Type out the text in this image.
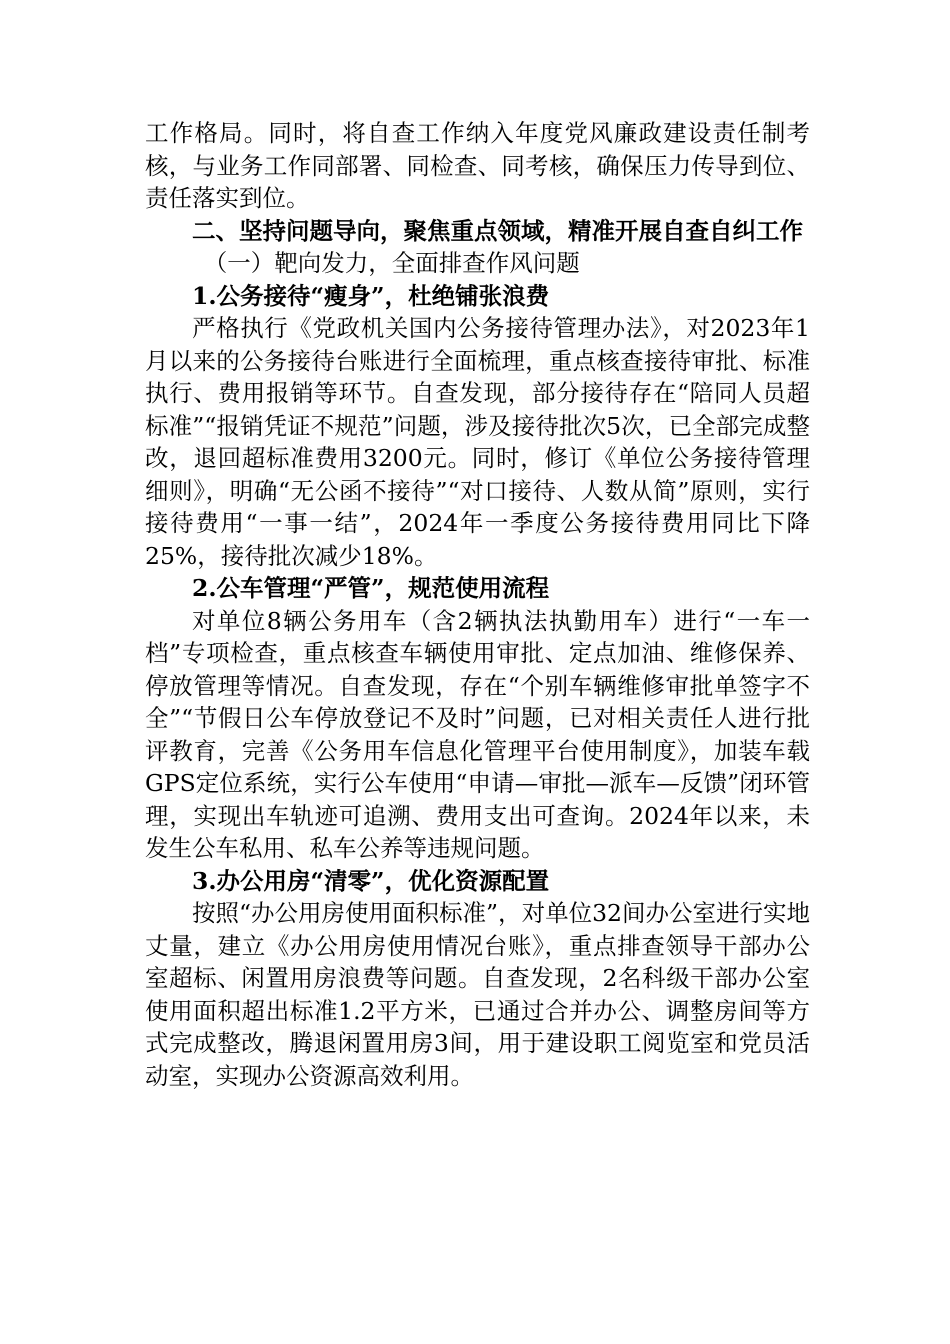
工作格局。同时，将自查工作纳入年度党风廉政建设责任制考核，与业务工作同部署、同检查、同考核，确保压力传导到位、责任落实到位。

二、坚持问题导向，聚焦重点领域，精准开展自查自纠工作

（一）靶向发力，全面排查作风问题

1.公务接待“瘦身”，杜绝铺张浪费

严格执行《党政机关国内公务接待管理办法》，对2023年1月以来的公务接待台账进行全面梳理，重点核查接待审批、标准执行、费用报销等环节。自查发现，部分接待存在“陪同人员超标准”“报销凭证不规范”问题，涉及接待批次5次，已全部完成整改，退回超标准费用3200元。同时，修订《单位公务接待管理细则》，明确“无公函不接待”“对口接待、人数从简”原则，实行接待费用“一事一结”，2024年一季度公务接待费用同比下降25%，接待批次减少18%。

2.公车管理“严管”，规范使用流程

对单位8辆公务用车（含2辆执法执勤用车）进行“一车一档”专项检查，重点核查车辆使用审批、定点加油、维修保养、停放管理等情况。自查发现，存在“个别车辆维修审批单签字不全”“节假日公车停放登记不及时”问题，已对相关责任人进行批评教育，完善《公务用车信息化管理平台使用制度》，加装车载GPS定位系统，实行公车使用“申请—审批—派车—反馈”闭环管理，实现出车轨迹可追溯、费用支出可查询。2024年以来，未发生公车私用、私车公养等违规问题。

3.办公用房“清零”，优化资源配置

按照“办公用房使用面积标准”，对单位32间办公室进行实地丈量，建立《办公用房使用情况台账》，重点排查领导干部办公室超标、闲置用房浪费等问题。自查发现，2名科级干部办公室使用面积超出标准1.2平方米，已通过合并办公、调整房间等方式完成整改，腾退闲置用房3间，用于建设职工阅览室和党员活动室，实现办公资源高效利用。
